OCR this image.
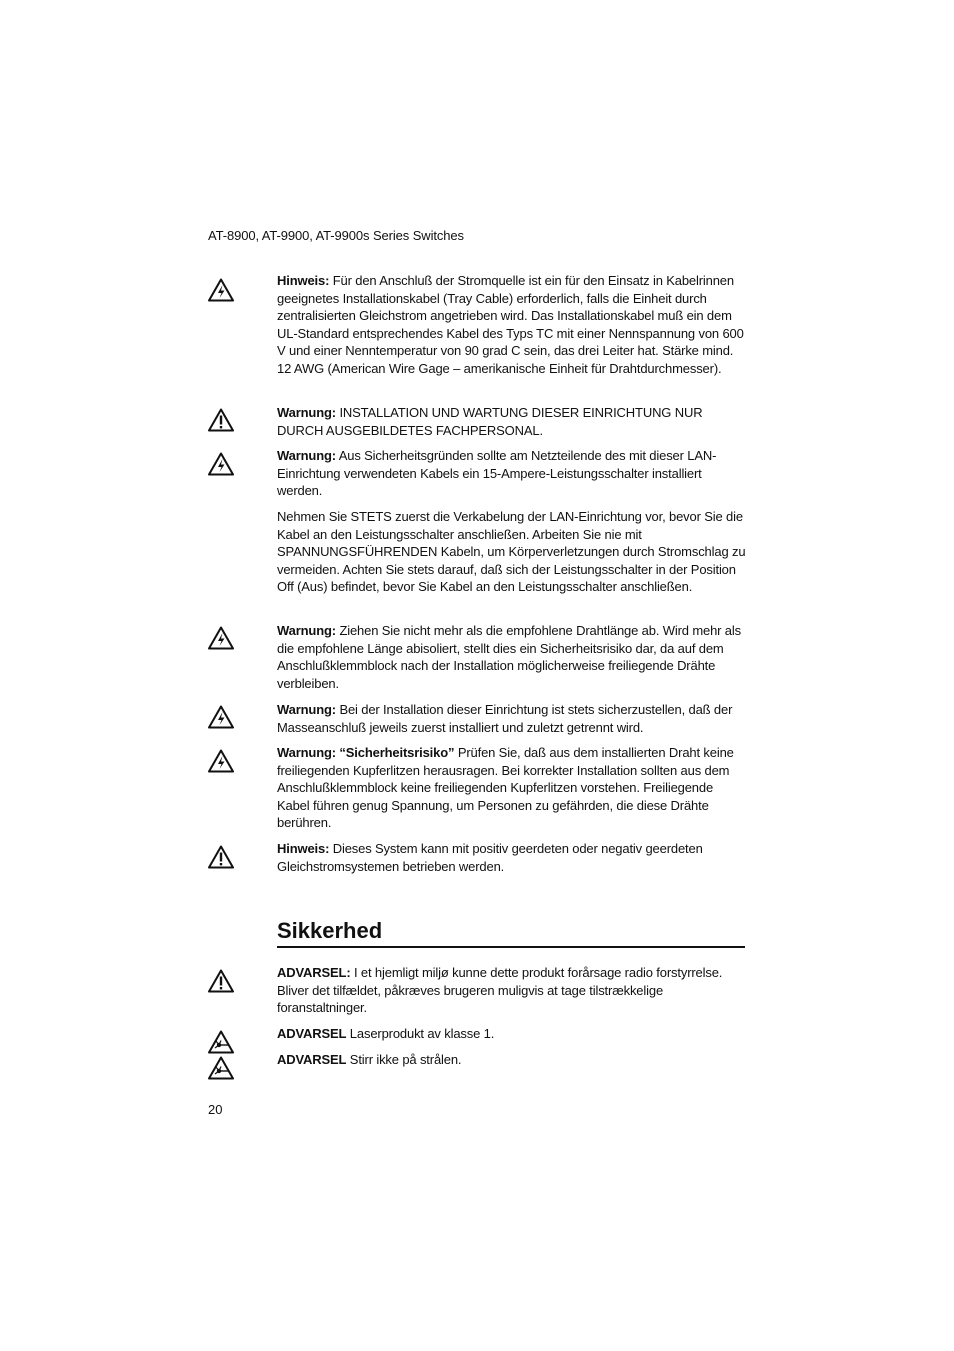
AT-8900, AT-9900, AT-9900s Series Switches

Hinweis: Für den Anschluß der Stromquelle ist ein für den Einsatz in Kabelrinnen geeignetes Installationskabel (Tray Cable) erforderlich, falls die Einheit durch zentralisierten Gleichstrom angetrieben wird. Das Installationskabel muß ein dem UL-Standard entsprechendes Kabel des Typs TC mit einer Nennspannung von 600 V und einer Nenntemperatur von 90 grad C sein, das drei Leiter hat. Stärke mind. 12 AWG (American Wire Gage – amerikanische Einheit für Drahtdurchmesser).

Warnung: INSTALLATION UND WARTUNG DIESER EINRICHTUNG NUR DURCH AUSGEBILDETES FACHPERSONAL.

Warnung: Aus Sicherheitsgründen sollte am Netzteilende des mit dieser LAN-Einrichtung verwendeten Kabels ein 15-Ampere-Leistungsschalter installiert werden.

Nehmen Sie STETS zuerst die Verkabelung der LAN-Einrichtung vor, bevor Sie die Kabel an den Leistungsschalter anschließen. Arbeiten Sie nie mit SPANNUNGSFÜHRENDEN Kabeln, um Körperverletzungen durch Stromschlag zu vermeiden. Achten Sie stets darauf, daß sich der Leistungsschalter in der Position Off (Aus) befindet, bevor Sie Kabel an den Leistungsschalter anschließen.

Warnung: Ziehen Sie nicht mehr als die empfohlene Drahtlänge ab. Wird mehr als die empfohlene Länge abisoliert, stellt dies ein Sicherheitsrisiko dar, da auf dem Anschlußklemmblock nach der Installation möglicherweise freiliegende Drähte verbleiben.

Warnung: Bei der Installation dieser Einrichtung ist stets sicherzustellen, daß der Masseanschluß jeweils zuerst installiert und zuletzt getrennt wird.

Warnung: “Sicherheitsrisiko” Prüfen Sie, daß aus dem installierten Draht keine freiliegenden Kupferlitzen herausragen. Bei korrekter Installation sollten aus dem Anschlußklemmblock keine freiliegenden Kupferlitzen vorstehen. Freiliegende Kabel führen genug Spannung, um Personen zu gefährden, die diese Drähte berühren.

Hinweis: Dieses System kann mit positiv geerdeten oder negativ geerdeten Gleichstromsystemen betrieben werden.

Sikkerhed

ADVARSEL: I et hjemligt miljø kunne dette produkt forårsage radio forstyrrelse. Bliver det tilfældet, påkræves brugeren muligvis at tage tilstrækkelige foranstaltninger.

ADVARSEL Laserprodukt av klasse 1.

ADVARSEL Stirr ikke på strålen.

20
